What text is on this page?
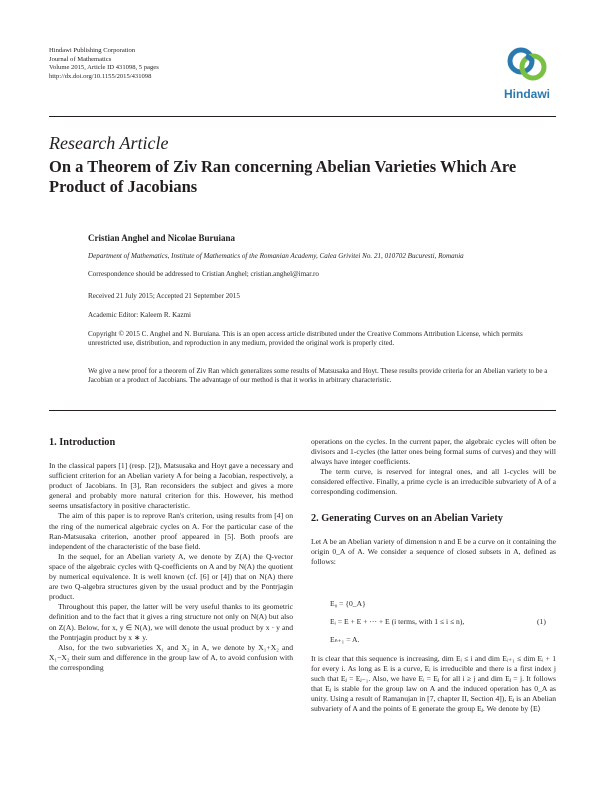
Hindawi Publishing Corporation
Journal of Mathematics
Volume 2015, Article ID 431098, 5 pages
http://dx.doi.org/10.1155/2015/431098
Hindawi
Research Article
On a Theorem of Ziv Ran concerning Abelian Varieties Which Are Product of Jacobians
Cristian Anghel and Nicolae Buruiana
Department of Mathematics, Institute of Mathematics of the Romanian Academy, Calea Grivitei No. 21, 010702 Bucuresti, Romania
Correspondence should be addressed to Cristian Anghel; cristian.anghel@imar.ro
Received 21 July 2015; Accepted 21 September 2015
Academic Editor: Kaleem R. Kazmi
Copyright © 2015 C. Anghel and N. Buruiana. This is an open access article distributed under the Creative Commons Attribution License, which permits unrestricted use, distribution, and reproduction in any medium, provided the original work is properly cited.
We give a new proof for a theorem of Ziv Ran which generalizes some results of Matsusaka and Hoyt. These results provide criteria for an Abelian variety to be a Jacobian or a product of Jacobians. The advantage of our method is that it works in arbitrary characteristic.
1. Introduction

In the classical papers [1] (resp. [2]), Matsusaka and Hoyt gave a necessary and sufficient criterion for an Abelian variety A for being a Jacobian, respectively, a product of Jacobians. In [3], Ran reconsiders the subject and gives a more general and probably more natural criterion for this. However, his method seems unsatisfactory in positive characteristic.

The aim of this paper is to reprove Ran's criterion, using results from [4] on the ring of the numerical algebraic cycles on A. For the particular case of the Ran-Matsusaka criterion, another proof appeared in [5]. Both proofs are independent of the characteristic of the base field.

In the sequel, for an Abelian variety A, we denote by Z(A) the Q-vector space of the algebraic cycles with Q-coefficients on A and by N(A) the quotient by numerical equivalence. It is well known (cf. [6] or [4]) that on N(A) there are two Q-algebra structures given by the usual product and by the Pontrjagin product.

Throughout this paper, the latter will be very useful thanks to its geometric definition and to the fact that it gives a ring structure not only on N(A) but also on Z(A). Below, for x, y ∈ N(A), we will denote the usual product by x · y and the Pontrjagin product by x ∗ y.

Also, for the two subvarieties X₁ and X₂ in A, we denote by X₁+X₂ and X₁−X₂ their sum and difference in the group law of A, to avoid confusion with the corresponding

operations on the cycles. In the current paper, the algebraic cycles will often be divisors and 1-cycles (the latter ones being formal sums of curves) and they will always have integer coefficients.

The term curve, is reserved for integral ones, and all 1-cycles will be considered effective. Finally, a prime cycle is an irreducible subvariety of A of a corresponding codimension.

2. Generating Curves on an Abelian Variety

Let A be an Abelian variety of dimension n and E be a curve on it containing the origin 0_A of A. We consider a sequence of closed subsets in A, defined as follows:

E₀ = {0_A}
Eᵢ = E + E + ··· + E (i terms, with 1 ≤ i ≤ n),	(1)
Eₙ₊₁ = A.

It is clear that this sequence is increasing, dim Eᵢ ≤ i and dim Eᵢ₊₁ ≤ dim Eᵢ + 1 for every i. As long as E is a curve, Eᵢ is irreducible and there is a first index j such that Eⱼ = Eⱼ₋₁. Also, we have Eᵢ = Eⱼ for all i ≥ j and dim Eⱼ = j. It follows that Eⱼ is stable for the group law on A and the induced operation has 0_A as unity. Using a result of Ramanujan in [7, chapter II, Section 4]), Eⱼ is an Abelian subvariety of A and the points of E generate the group Eⱼ. We denote by ⟨E⟩
